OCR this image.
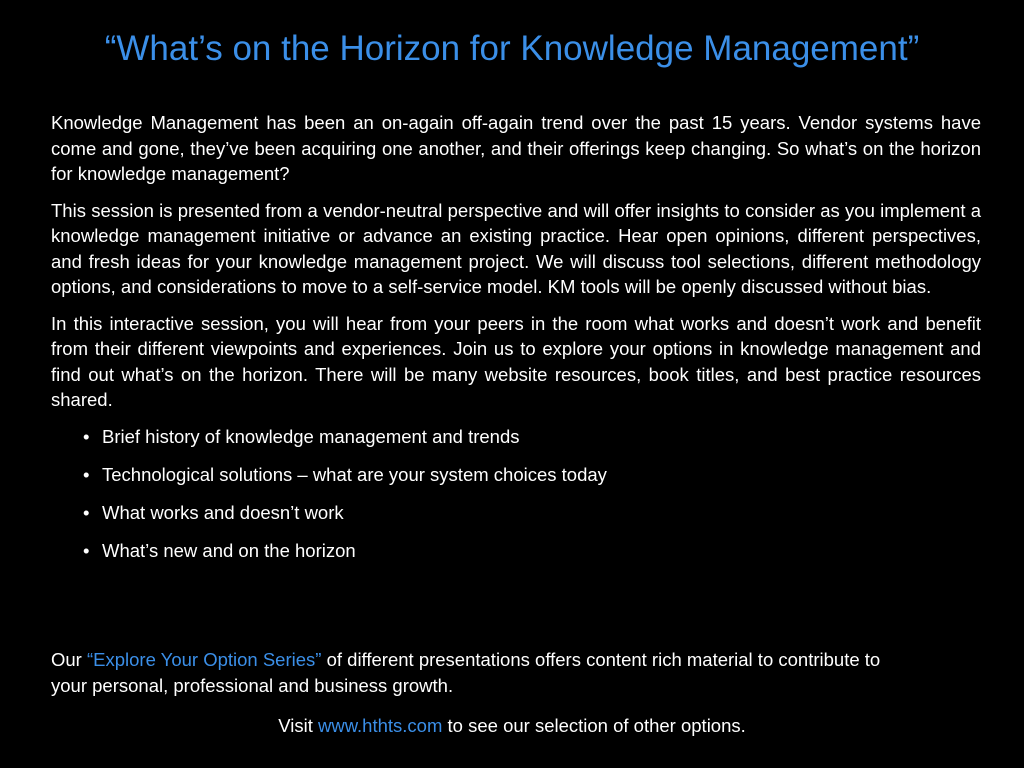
“What’s on the Horizon for Knowledge Management”

Knowledge Management has been an on-again off-again trend over the past 15 years. Vendor systems have come and gone, they’ve been acquiring one another, and their offerings keep changing. So what’s on the horizon for knowledge management?

This session is presented from a vendor-neutral perspective and will offer insights to consider as you implement a knowledge management initiative or advance an existing practice. Hear open opinions, different perspectives, and fresh ideas for your knowledge management project. We will discuss tool selections, different methodology options, and considerations to move to a self-service model. KM tools will be openly discussed without bias.

In this interactive session, you will hear from your peers in the room what works and doesn’t work and benefit from their different viewpoints and experiences. Join us to explore your options in knowledge management and find out what’s on the horizon. There will be many website resources, book titles, and best practice resources shared.

• Brief history of knowledge management and trends
• Technological solutions – what are your system choices today
• What works and doesn’t work
• What’s new and on the horizon
Our “Explore Your Option Series” of different presentations offers content rich material to contribute to your personal, professional and business growth.
Visit www.hthts.com to see our selection of other options.
